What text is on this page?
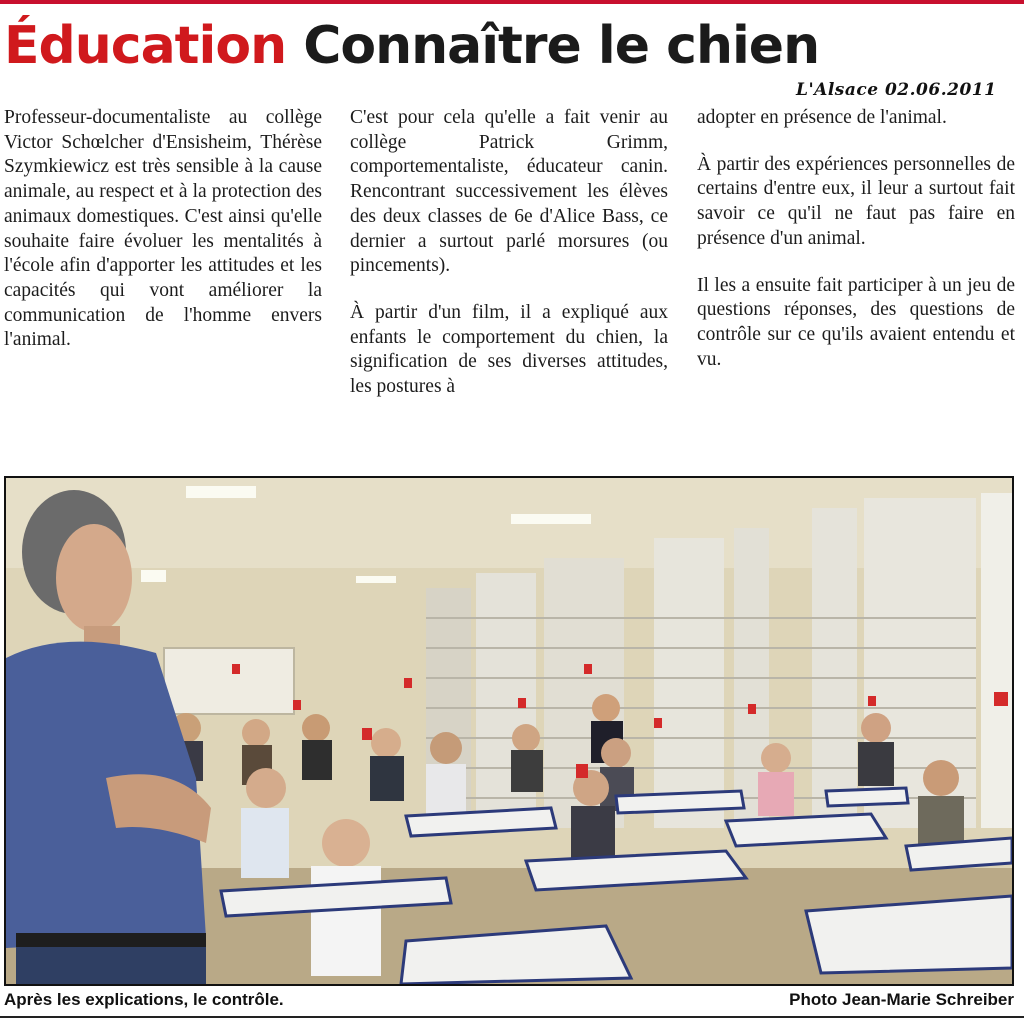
Éducation Connaître le chien
L'Alsace 02.06.2011

Professeur-documentaliste au collège Victor Schœlcher d'Ensisheim, Thérèse Szymkiewicz est très sensible à la cause animale, au respect et à la protection des animaux domestiques. C'est ainsi qu'elle souhaite faire évoluer les mentalités à l'école afin d'apporter les attitudes et les capacités qui vont améliorer la communication de l'homme envers l'animal.

C'est pour cela qu'elle a fait venir au collège Patrick Grimm, comportementaliste, éducateur canin. Rencontrant successivement les élèves des deux classes de 6e d'Alice Bass, ce dernier a surtout parlé morsures (ou pincements).

À partir d'un film, il a expliqué aux enfants le comportement du chien, la signification de ses diverses attitudes, les postures à

adopter en présence de l'animal.

À partir des expériences personnelles de certains d'entre eux, il leur a surtout fait savoir ce qu'il ne faut pas faire en présence d'un animal.

Il les a ensuite fait participer à un jeu de questions réponses, des questions de contrôle sur ce qu'ils avaient entendu et vu.

Après les explications, le contrôle.	Photo Jean-Marie Schreiber
